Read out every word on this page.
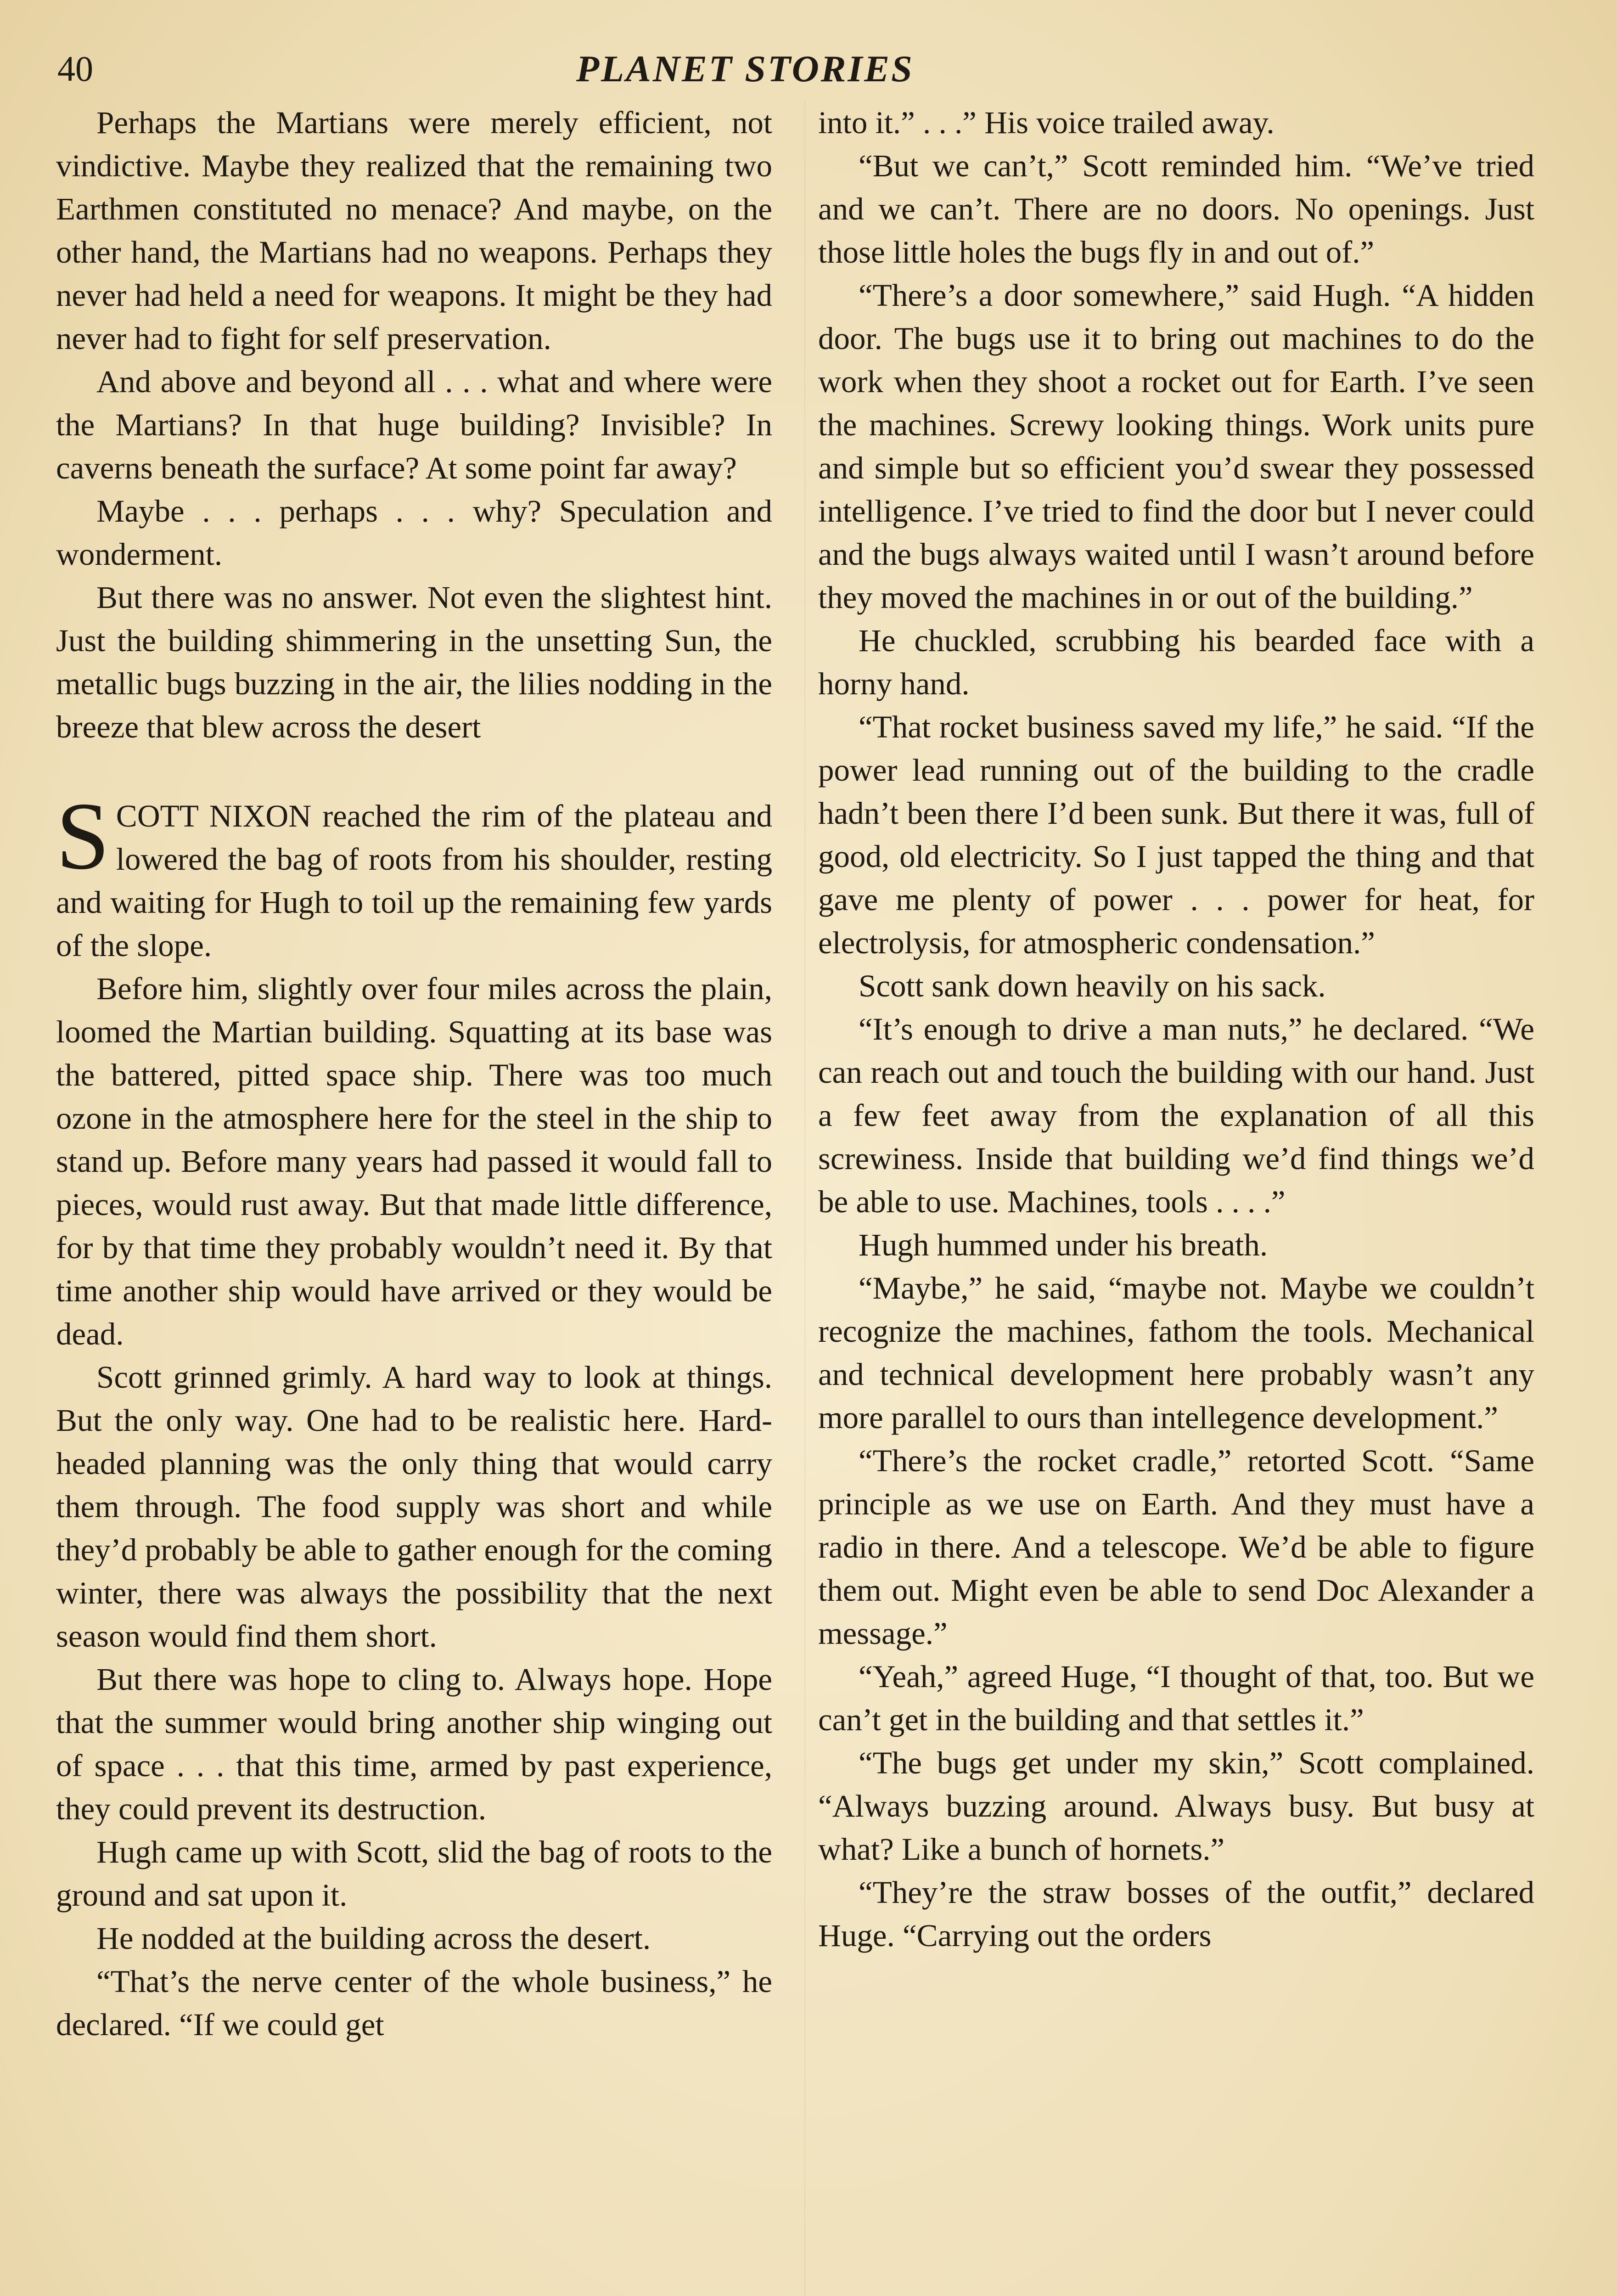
40	PLANET STORIES

Perhaps the Martians were merely efficient, not vindictive. Maybe they realized that the remaining two Earthmen constituted no menace? And maybe, on the other hand, the Martians had no weapons. Perhaps they never had held a need for weapons. It might be they had never had to fight for self preservation.

And above and beyond all . . . what and where were the Martians? In that huge building? Invisible? In caverns beneath the surface? At some point far away?

Maybe . . . perhaps . . . why? Speculation and wonderment.

But there was no answer. Not even the slightest hint. Just the building shimmering in the unsetting Sun, the metallic bugs buzzing in the air, the lilies nodding in the breeze that blew across the desert

SCOTT NIXON reached the rim of the plateau and lowered the bag of roots from his shoulder, resting and waiting for Hugh to toil up the remaining few yards of the slope.

Before him, slightly over four miles across the plain, loomed the Martian building. Squatting at its base was the battered, pitted space ship. There was too much ozone in the atmosphere here for the steel in the ship to stand up. Before many years had passed it would fall to pieces, would rust away. But that made little difference, for by that time they probably wouldn’t need it. By that time another ship would have arrived or they would be dead.

Scott grinned grimly. A hard way to look at things. But the only way. One had to be realistic here. Hard-headed planning was the only thing that would carry them through. The food supply was short and while they’d probably be able to gather enough for the coming winter, there was always the possibility that the next season would find them short.

But there was hope to cling to. Always hope. Hope that the summer would bring another ship winging out of space . . . that this time, armed by past experience, they could prevent its destruction.

Hugh came up with Scott, slid the bag of roots to the ground and sat upon it.

He nodded at the building across the desert.

“That’s the nerve center of the whole business,” he declared. “If we could get

into it.” . . .” His voice trailed away.

“But we can’t,” Scott reminded him. “We’ve tried and we can’t. There are no doors. No openings. Just those little holes the bugs fly in and out of.”

“There’s a door somewhere,” said Hugh. “A hidden door. The bugs use it to bring out machines to do the work when they shoot a rocket out for Earth. I’ve seen the machines. Screwy looking things. Work units pure and simple but so efficient you’d swear they possessed intelligence. I’ve tried to find the door but I never could and the bugs always waited until I wasn’t around before they moved the machines in or out of the building.”

He chuckled, scrubbing his bearded face with a horny hand.

“That rocket business saved my life,” he said. “If the power lead running out of the building to the cradle hadn’t been there I’d been sunk. But there it was, full of good, old electricity. So I just tapped the thing and that gave me plenty of power . . . power for heat, for electrolysis, for atmospheric condensation.”

Scott sank down heavily on his sack.

“It’s enough to drive a man nuts,” he declared. “We can reach out and touch the building with our hand. Just a few feet away from the explanation of all this screwiness. Inside that building we’d find things we’d be able to use. Machines, tools . . . .”

Hugh hummed under his breath.

“Maybe,” he said, “maybe not. Maybe we couldn’t recognize the machines, fathom the tools. Mechanical and technical development here probably wasn’t any more parallel to ours than intellegence development.”

“There’s the rocket cradle,” retorted Scott. “Same principle as we use on Earth. And they must have a radio in there. And a telescope. We’d be able to figure them out. Might even be able to send Doc Alexander a message.”

“Yeah,” agreed Huge, “I thought of that, too. But we can’t get in the building and that settles it.”

“The bugs get under my skin,” Scott complained. “Always buzzing around. Always busy. But busy at what? Like a bunch of hornets.”

“They’re the straw bosses of the outfit,” declared Huge. “Carrying out the orders
